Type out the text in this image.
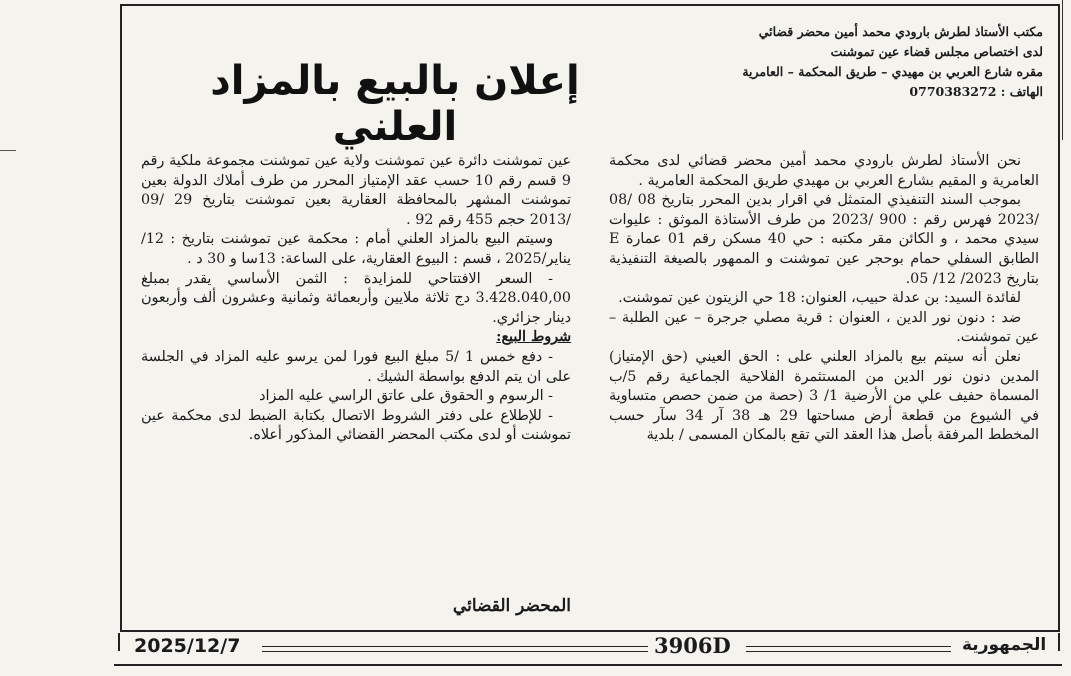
مكتب الأستاذ لطرش بارودي محمد أمين محضر قضائي
لدى اختصاص مجلس قضاء عين تموشنت
مقره شارع العربي بن مهيدي – طريق المحكمة – العامرية
الهاتف : 0770383272
إعلان بالبيع بالمزاد العلني

نحن الأستاذ لطرش بارودي محمد أمين محضر قضائي لدى محكمة العامرية و المقيم بشارع العربي بن مهيدي طريق المحكمة العامرية .

بموجب السند التنفيذي المتمثل في اقرار بدين المحرر بتاريخ 08 /08 /2023 فهرس رقم : 900 /2023 من طرف الأستاذة الموثق : عليوات سيدي محمد ، و الكائن مقر مكتبه : حي 40 مسكن رقم 01 عمارة E الطابق السفلي حمام بوحجر عين تموشنت و الممهور بالصيغة التنفيذية بتاريخ 2023/ 12/ 05.

لفائدة السيد: بن عدلة حبيب، العنوان: 18 حي الزيتون عين تموشنت.

ضد : دنون نور الدين ، العنوان : قرية مصلي جرجرة – عين الطلبة – عين تموشنت.

نعلن أنه سيتم بيع بالمزاد العلني على : الحق العيني (حق الإمتياز) المدين دنون نور الدين من المستثمرة الفلاحية الجماعية رقم 5/ب المسماة حفيف علي من الأرضية 1/ 3 (حصة من ضمن حصص متساوية في الشيوع من قطعة أرض مساحتها 29 هـ 38 آر 34 سآر حسب المخطط المرفقة بأصل هذا العقد التي تقع بالمكان المسمى / بلدية

عين تموشنت دائرة عين تموشنت ولاية عين تموشنت مجموعة ملكية رقم 9 قسم رقم 10 حسب عقد الإمتياز المحرر من طرف أملاك الدولة بعين تموشنت المشهر بالمحافظة العقارية بعين تموشنت بتاريخ 29 /09 /2013 حجم 455 رقم 92 .

وسيتم البيع بالمزاد العلني أمام : محكمة عين تموشنت بتاريخ : 12/يناير/2025 ، قسم : البيوع العقارية، على الساعة: 13سا و 30 د .

- السعر الافتتاحي للمزايدة : الثمن الأساسي يقدر بمبلغ 3.428.040,00 دج ثلاثة ملايين وأربعمائة وثمانية وعشرون ألف وأربعون دينار جزائري.

شروط البيع:

- دفع خمس 1 /5 مبلغ البيع فورا لمن يرسو عليه المزاد في الجلسة على ان يتم الدفع بواسطة الشيك .

- الرسوم و الحقوق على عاتق الراسي عليه المزاد

- للإطلاع على دفتر الشروط الاتصال بكتابة الضبط لدى محكمة عين تموشنت أو لدى مكتب المحضر القضائي المذكور أعلاه.

المحضر القضائي
2025/12/7	3906D	الجمهورية
